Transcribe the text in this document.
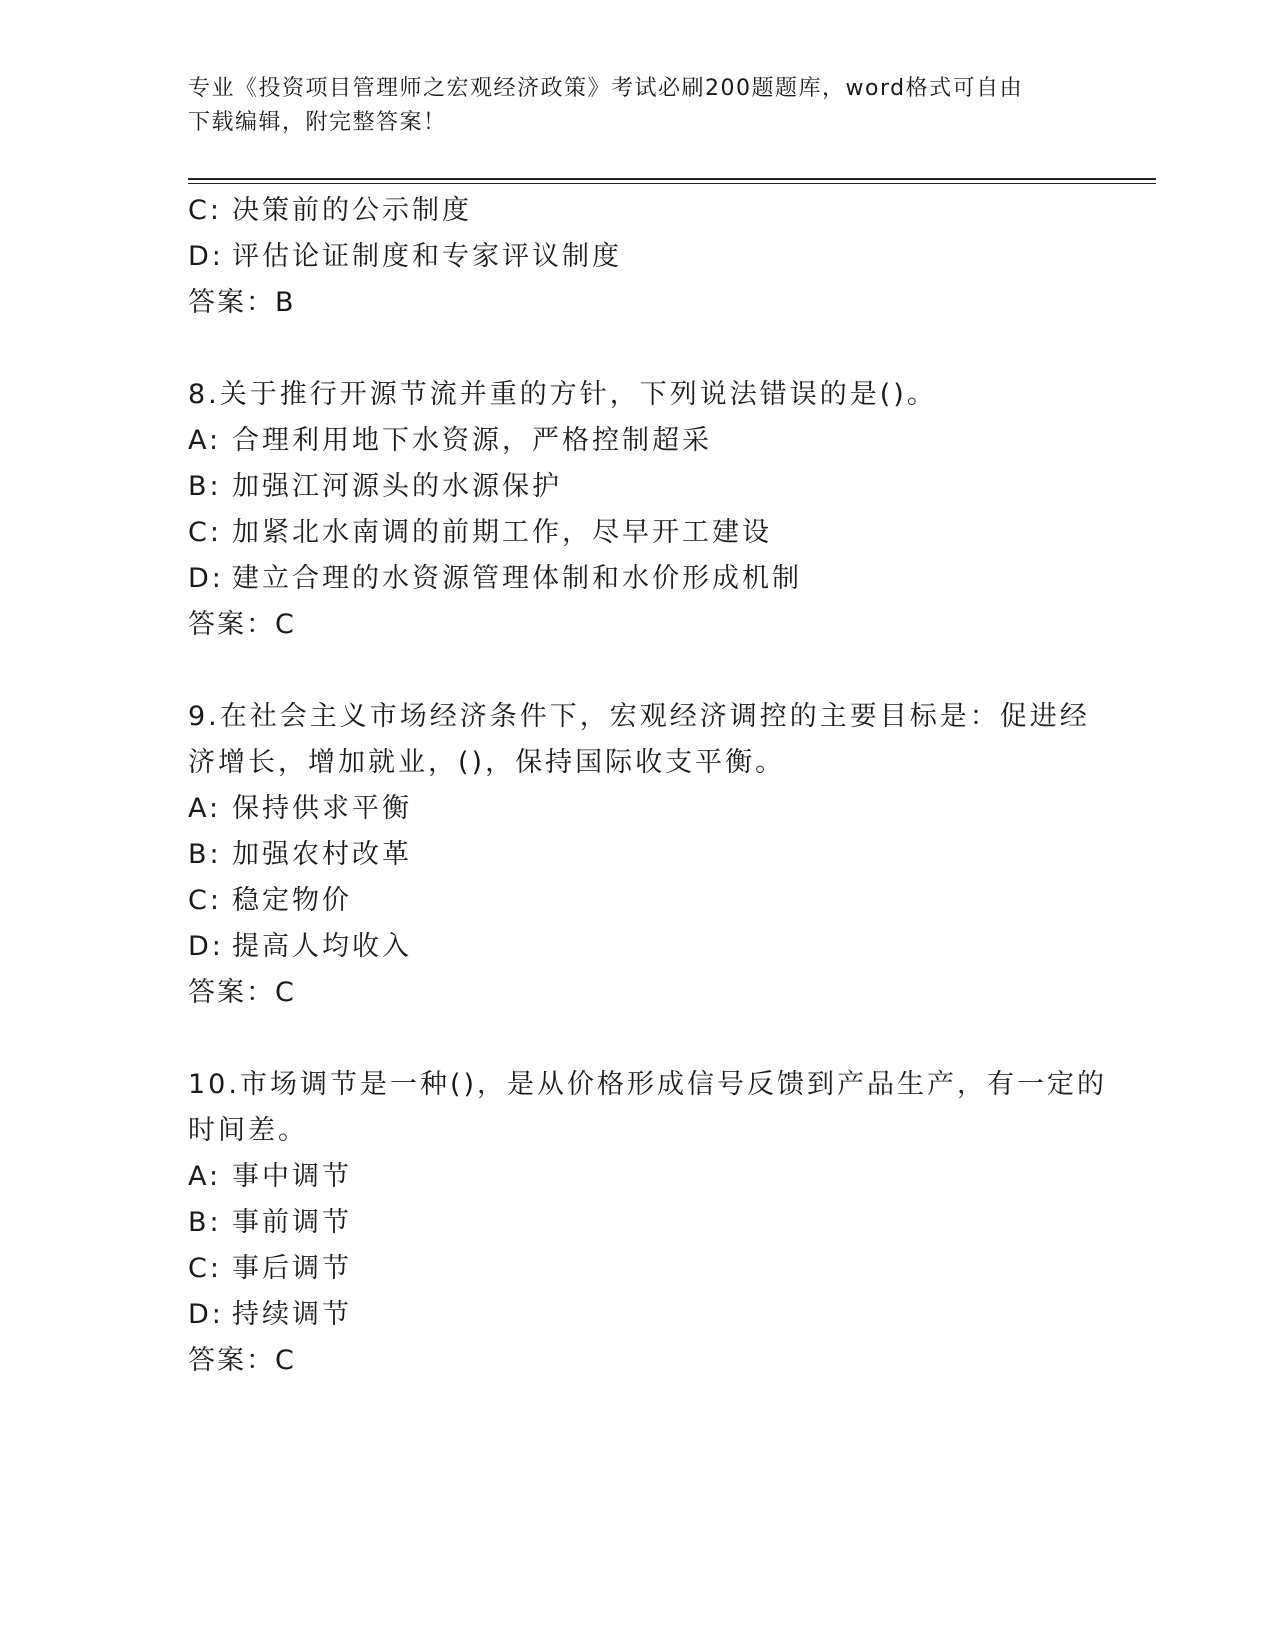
专业《投资项目管理师之宏观经济政策》考试必刷200题题库，word格式可自由
下载编辑，附完整答案！
C: 决策前的公示制度
D: 评估论证制度和专家评议制度
答案：B
8.关于推行开源节流并重的方针，下列说法错误的是()。
A: 合理利用地下水资源，严格控制超采
B: 加强江河源头的水源保护
C: 加紧北水南调的前期工作，尽早开工建设
D: 建立合理的水资源管理体制和水价形成机制
答案：C
9.在社会主义市场经济条件下，宏观经济调控的主要目标是：促进经
济增长，增加就业，()，保持国际收支平衡。
A: 保持供求平衡
B: 加强农村改革
C: 稳定物价
D: 提高人均收入
答案：C
10.市场调节是一种()，是从价格形成信号反馈到产品生产，有一定的
时间差。
A: 事中调节
B: 事前调节
C: 事后调节
D: 持续调节
答案：C
